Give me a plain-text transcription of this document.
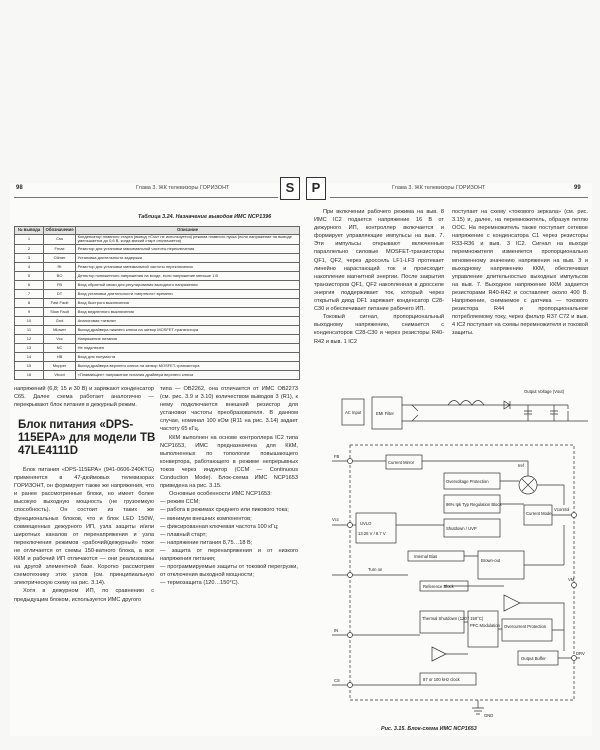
98	Глава 3. ЖК телевизоры ГОРИЗОНТ	S
Таблица 3.24. Назначение выводов ИМС NCP1396
№ вывода	Обозначение	Описание
1	Css	Конденсатор плавного старта (вывод «Css» не используется) режима плавного пуска (если напряжение на выводе уменьшается до 0,6 В, когда мягкий старт отключается)
2	Fmax	Резистор для установки максимальной частоты переключения
3	Ctimer	Установка длительности задержки
4	Rt	Резистор для установки минимальной частоты переключения
5	BO	Детектор пониженного напряжения на входе, если напряжение меньше 1 В
6	FB	Вход обратной связи для регулирования выходного напряжения
7	DT	Вход установки длительности «мертвого» времени
8	Fast Fault	Вход быстрого выключения
9	Slow Fault	Вход медленного выключения
10	Gnd	Аналоговая «земля»
11	Mlower	Выход драйвера нижнего ключа на затвор MOSFET-транзистора
12	Vcc	Напряжение питания
13	NC	Не подключен
14	HB	Вход для полумоста
15	Mupper	Выход драйвера верхнего ключа на затвор MOSFET-транзистора
16	Vboot	«Плавающее» напряжение питания драйвера верхнего ключа

напряжений (6,8; 15 и 30 В) и заряжают конденсатор C65. Далее схема работает аналогично — перекрывают блок питания в дежурный режим.

Блок питания «DPS-115EPA» для модели TB 47LE4111D

Блок питания «DPS-115EPA» (941-0606-240KTG) применяется в 47-дюймовых телевизорах ГОРИЗОНТ, он формирует также же напряжения, что и ранее рассмотренные блоки, но имеет более высокую выходную мощность (не грузоемкую способность). Он состоит из таких же функциональных блоков, что и блок LED 150W, совмещенных дежурного ИП, узла защиты и/или широтных каналов от перенапряжения и узла переключения режимов «рабочий/дежурный» тоже не отличается от схемы 150-ватного блока, а все ККМ и рабочий ИП отличаются — они реализованы на другой элементной базе. Коротко рассмотрим схемотехнику этих узлов (см. принципиальную электрическую схему на рис. 3.14).

Хотя в дежурном ИП, по сравнению с предыдущим блоком, используется ИМС другого

типа — OB2262, она отличается от ИМС OB2273 (см. рис. 3.9 и 3.10) количеством выводов 3 (R1), к нему подключается внешний резистор для установки частоты преобразователя. В данном случае, номинал 100 кОм (R11 на рис. 3.14) задает частоту 65 кГц.

ККМ выполнен на основе контроллера IC2 типа NCP1653, ИМС предназначена для ККМ, выполненных по топологии повышающего конвертора, работающего в режиме непрерывных токов через индуктор (CCM — Continuous Conduction Mode). Блок-схема ИМС NCP1653 приведена на рис. 3.15.

Основные особенности ИМС NCP1653:

— режим CCM;
— работа в режимах среднего или пикового тока;
— минимум внешних компонентов;
— фиксированная ключевая частота 100 кГц;
— плавный старт;
— напряжение питания 8,75…18 В;
— защита от перенапряжения и от низкого напряжения питания;
— программируемые защиты от токовой перегрузки, от отключения выходной мощности;
— термозащита (120…150°C).
P	Глава 3. ЖК телевизоры ГОРИЗОНТ	99

При включении рабочего режима на выв. 8 ИМС IC2 подается напряжение 16 В от дежурного ИП, контроллер включается и формирует управляющие импульсы на выв. 7. Эти импульсы открывают включенные параллельно силовые MOSFET-транзисторы QF1, QF2, через дроссель LF1-LF3 протекает линейно нарастающий ток и происходит накопление магнитной энергии. После закрытия транзисторов QF1, QF2 накопленная в дросселе энергия поддерживает ток, который через открытый диод DF1 заряжает конденсатор C28-C30 и обеспечивает питание рабочего ИП.

Токовый сигнал, пропорциональный выходному напряжению, снимается с конденсаторов C28-C30 и через резисторы R40-R42 и выв. 1 IC2

поступает на схему «токового зеркала» (см. рис. 3.15) и, далее, на перемножитель, образуя петлю ООС. На перемножитель также поступает сетевое напряжение с конденсатора C1 через резисторы R33-R36 и выв. 3 IC2. Сигнал на выходе перемножителя изменяется пропорционально мгновенному значению напряжения на выв. 3 и выходному напряжению ККМ, обеспечивая управление длительностью выходных импульсов на выв. 7. Выходное напряжение ККМ задается резисторами R40-R42 и составляет около 400 В. Напряжение, снимаемое с датчика — токового резистора R44 и пропорциональное потребляемому току, через фильтр R37 C72 и выв. 4 IC2 поступает на схемы перемножителя и токовой защиты.

AC Input	EMI Filter
Output Voltage (Vout)
Current Mirror
Overvoltage Protection
96% Ipk Typ Regulation Block
Shutdown / UVP
UVLO
13.25 V / 8.7 V
Vcc
Turn on
Internal Bias
Reference Block
Brown-out
Thermal Shutdown (120 / 150°C)
PFC Modulation Overcurrent Protection
Current Mode
Output Buffer
87 or 100 kHz clock
FB
IN
CS
GND
DRV
VM
Vcontrol
Iref
Рис. 3.15. Блок-схема ИМС NCP1653
